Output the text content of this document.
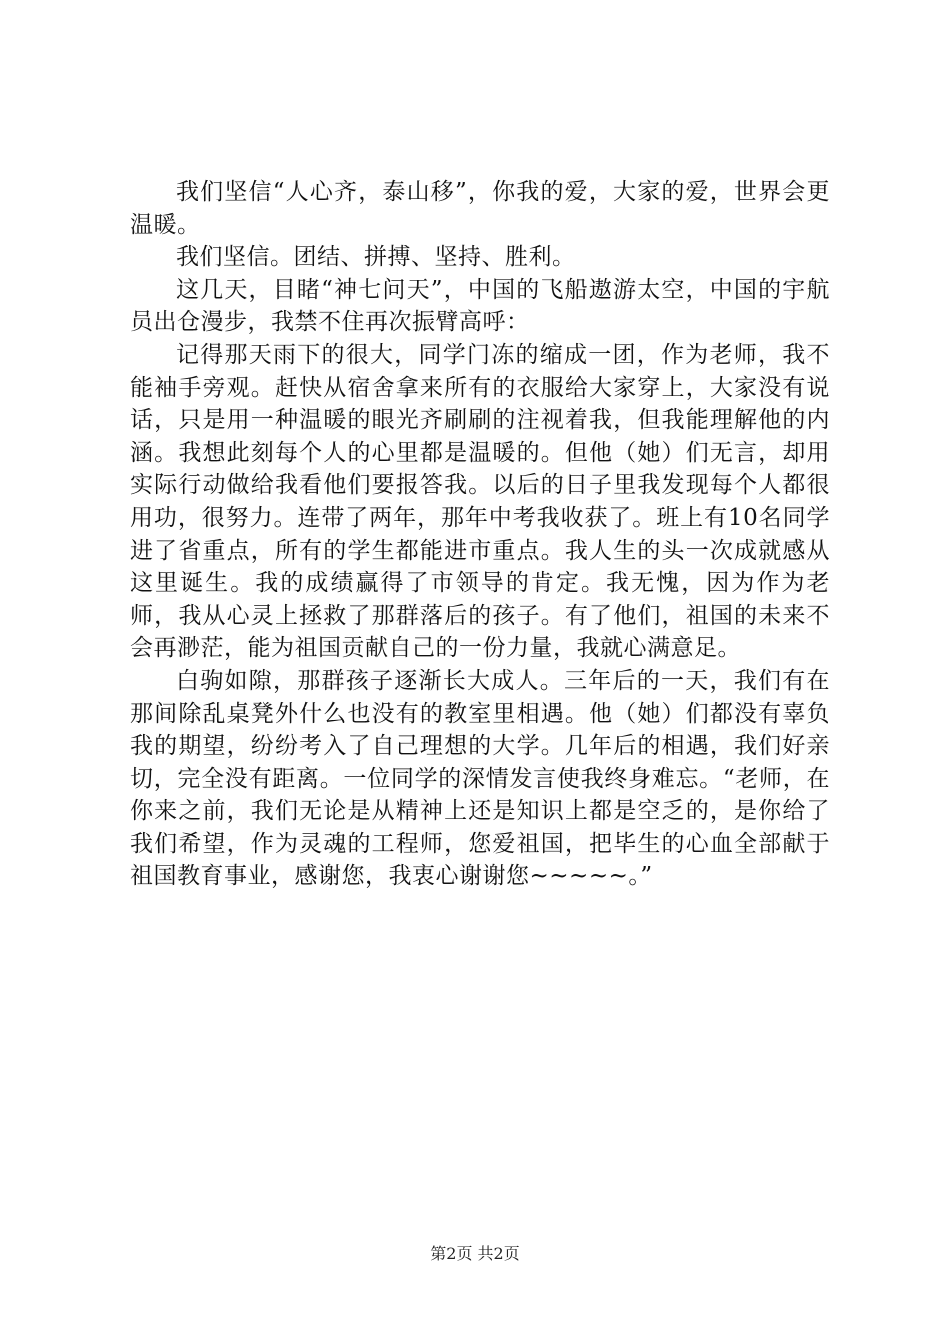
我们坚信“人心齐，泰山移”，你我的爱，大家的爱，世界会更温暖。

我们坚信。团结、拼搏、坚持、胜利。

这几天，目睹“神七问天”，中国的飞船遨游太空，中国的宇航员出仓漫步，我禁不住再次振臂高呼：

记得那天雨下的很大，同学门冻的缩成一团，作为老师，我不能袖手旁观。赶快从宿舍拿来所有的衣服给大家穿上，大家没有说话，只是用一种温暖的眼光齐刷刷的注视着我，但我能理解他的内涵。我想此刻每个人的心里都是温暖的。但他（她）们无言，却用实际行动做给我看他们要报答我。以后的日子里我发现每个人都很用功，很努力。连带了两年，那年中考我收获了。班上有10名同学进了省重点，所有的学生都能进市重点。我人生的头一次成就感从这里诞生。我的成绩赢得了市领导的肯定。我无愧，因为作为老师，我从心灵上拯救了那群落后的孩子。有了他们，祖国的未来不会再渺茫，能为祖国贡献自己的一份力量，我就心满意足。

白驹如隙，那群孩子逐渐长大成人。三年后的一天，我们有在那间除乱桌凳外什么也没有的教室里相遇。他（她）们都没有辜负我的期望，纷纷考入了自己理想的大学。几年后的相遇，我们好亲切，完全没有距离。一位同学的深情发言使我终身难忘。“老师，在你来之前，我们无论是从精神上还是知识上都是空乏的，是你给了我们希望，作为灵魂的工程师，您爱祖国，把毕生的心血全部献于祖国教育事业，感谢您，我衷心谢谢您~~~~~。”

第2页 共2页
